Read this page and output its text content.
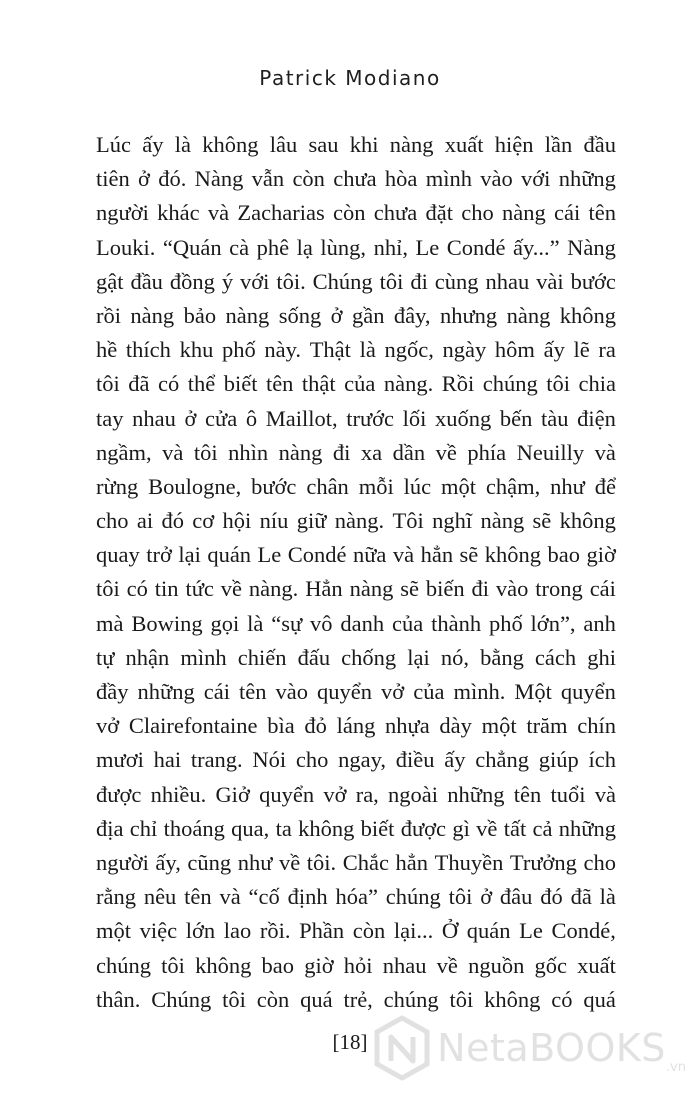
Patrick Modiano
Lúc ấy là không lâu sau khi nàng xuất hiện lần đầu
tiên ở đó. Nàng vẫn còn chưa hòa mình vào với những
người khác và Zacharias còn chưa đặt cho nàng cái tên
Louki. “Quán cà phê lạ lùng, nhỉ, Le Condé ấy...” Nàng
gật đầu đồng ý với tôi. Chúng tôi đi cùng nhau vài bước
rồi nàng bảo nàng sống ở gần đây, nhưng nàng không
hề thích khu phố này. Thật là ngốc, ngày hôm ấy lẽ ra
tôi đã có thể biết tên thật của nàng. Rồi chúng tôi chia
tay nhau ở cửa ô Maillot, trước lối xuống bến tàu điện
ngầm, và tôi nhìn nàng đi xa dần về phía Neuilly và
rừng Boulogne, bước chân mỗi lúc một chậm, như để
cho ai đó cơ hội níu giữ nàng. Tôi nghĩ nàng sẽ không
quay trở lại quán Le Condé nữa và hẳn sẽ không bao giờ
tôi có tin tức về nàng. Hẳn nàng sẽ biến đi vào trong cái
mà Bowing gọi là “sự vô danh của thành phố lớn”, anh
tự nhận mình chiến đấu chống lại nó, bằng cách ghi
đầy những cái tên vào quyển vở của mình. Một quyển
vở Clairefontaine bìa đỏ láng nhựa dày một trăm chín
mươi hai trang. Nói cho ngay, điều ấy chẳng giúp ích
được nhiều. Giở quyển vở ra, ngoài những tên tuổi và
địa chỉ thoáng qua, ta không biết được gì về tất cả những
người ấy, cũng như về tôi. Chắc hẳn Thuyền Trưởng cho
rằng nêu tên và “cố định hóa” chúng tôi ở đâu đó đã là
một việc lớn lao rồi. Phần còn lại... Ở quán Le Condé,
chúng tôi không bao giờ hỏi nhau về nguồn gốc xuất
thân. Chúng tôi còn quá trẻ, chúng tôi không có quá
[18]	NetaBOOKS .vn
